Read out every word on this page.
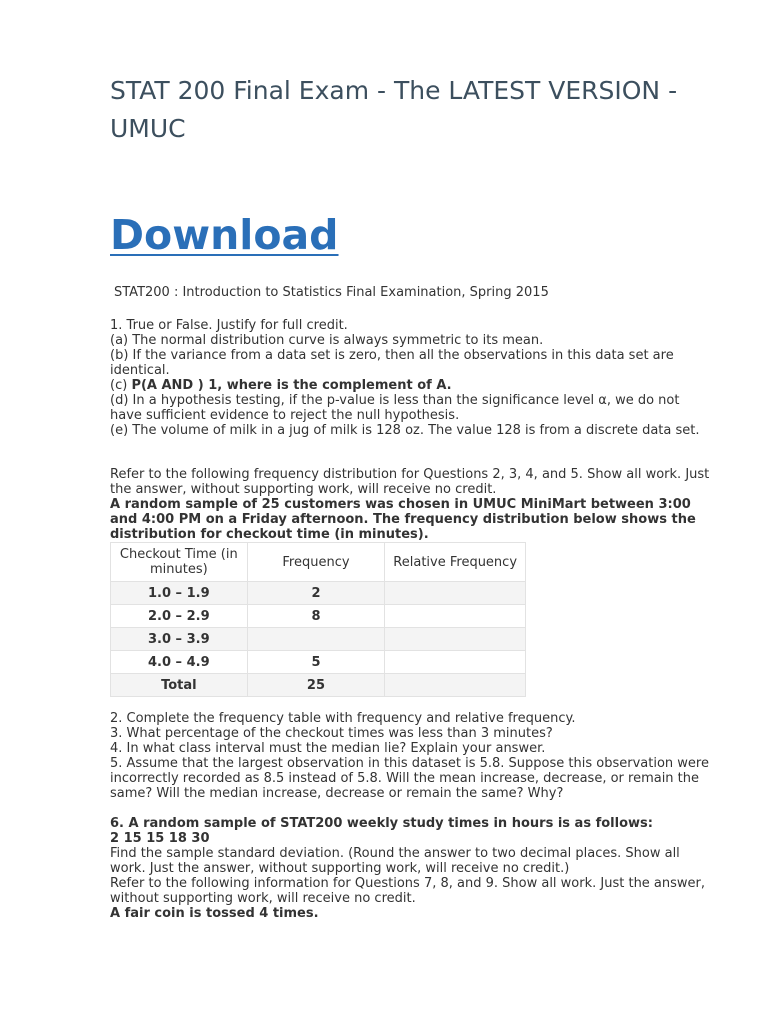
STAT 200 Final Exam - The LATEST VERSION - UMUC
Download
STAT200 : Introduction to Statistics Final Examination, Spring 2015
1. True or False. Justify for full credit.
(a) The normal distribution curve is always symmetric to its mean.
(b) If the variance from a data set is zero, then all the observations in this data set are identical.
(c) P(A AND ) 1, where is the complement of A.
(d) In a hypothesis testing, if the p-value is less than the significance level α, we do not have sufficient evidence to reject the null hypothesis.
(e) The volume of milk in a jug of milk is 128 oz. The value 128 is from a discrete data set.
Refer to the following frequency distribution for Questions 2, 3, 4, and 5. Show all work. Just the answer, without supporting work, will receive no credit.
A random sample of 25 customers was chosen in UMUC MiniMart between 3:00 and 4:00 PM on a Friday afternoon. The frequency distribution below shows the distribution for checkout time (in minutes).
Checkout Time (in minutes)	Frequency	Relative Frequency
1.0 – 1.9	2	
2.0 – 2.9	8	
3.0 – 3.9		
4.0 – 4.9	5	
Total	25	
2. Complete the frequency table with frequency and relative frequency.
3. What percentage of the checkout times was less than 3 minutes?
4. In what class interval must the median lie? Explain your answer.
5. Assume that the largest observation in this dataset is 5.8. Suppose this observation were incorrectly recorded as 8.5 instead of 5.8. Will the mean increase, decrease, or remain the same? Will the median increase, decrease or remain the same? Why?
6. A random sample of STAT200 weekly study times in hours is as follows:
2 15 15 18 30
Find the sample standard deviation. (Round the answer to two decimal places. Show all work. Just the answer, without supporting work, will receive no credit.)
Refer to the following information for Questions 7, 8, and 9. Show all work. Just the answer, without supporting work, will receive no credit.
A fair coin is tossed 4 times.
